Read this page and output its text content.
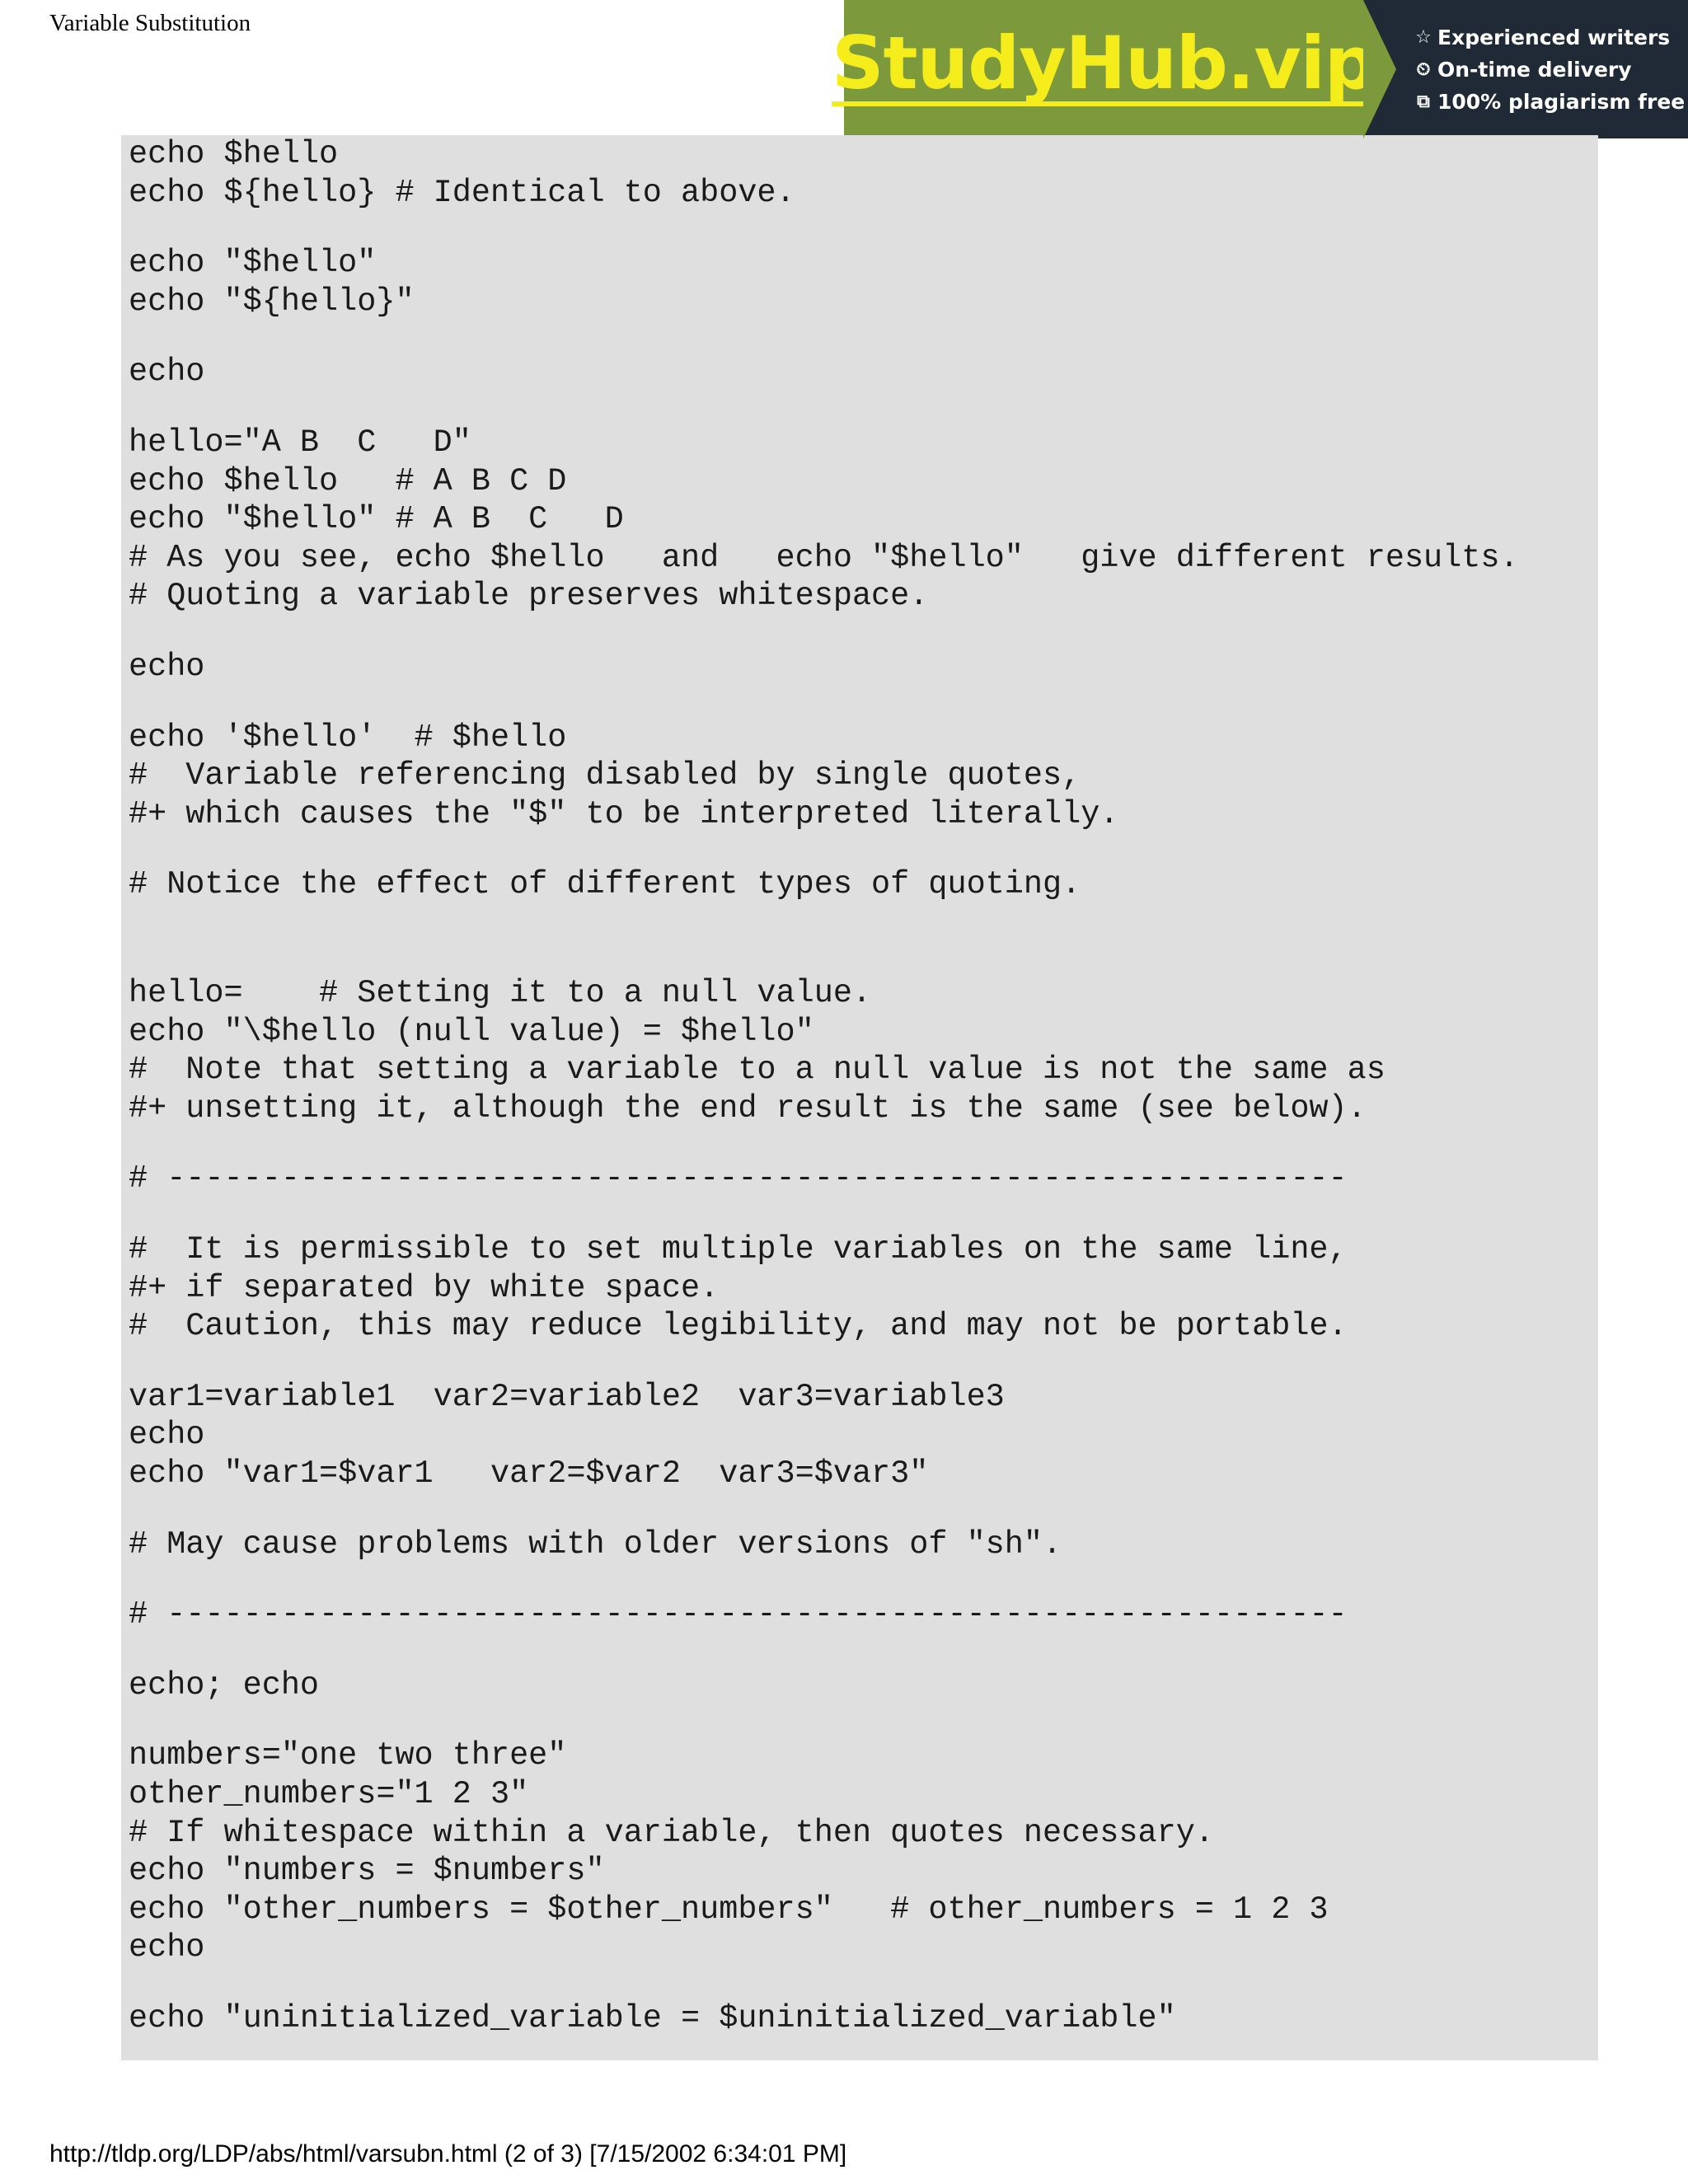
Variable Substitution	StudyHub.vip ☆ Experienced writers
⏲ On-time delivery
⧉ 100% plagiarism free
echo $hello
echo ${hello} # Identical to above.
echo "$hello"
echo "${hello}"
echo
hello="A B  C   D"
echo $hello   # A B C D
echo "$hello" # A B  C   D
# As you see, echo $hello   and   echo "$hello"   give different results.
# Quoting a variable preserves whitespace.
echo
echo '$hello'  # $hello
#  Variable referencing disabled by single quotes,
#+ which causes the "$" to be interpreted literally.
# Notice the effect of different types of quoting.
hello=    # Setting it to a null value.
echo "\$hello (null value) = $hello"
#  Note that setting a variable to a null value is not the same as
#+ unsetting it, although the end result is the same (see below).
# --------------------------------------------------------------
#  It is permissible to set multiple variables on the same line,
#+ if separated by white space.
#  Caution, this may reduce legibility, and may not be portable.
var1=variable1  var2=variable2  var3=variable3
echo
echo "var1=$var1   var2=$var2  var3=$var3"
# May cause problems with older versions of "sh".
# --------------------------------------------------------------
echo; echo
numbers="one two three"
other_numbers="1 2 3"
# If whitespace within a variable, then quotes necessary.
echo "numbers = $numbers"
echo "other_numbers = $other_numbers"   # other_numbers = 1 2 3
echo
echo "uninitialized_variable = $uninitialized_variable"
http://tldp.org/LDP/abs/html/varsubn.html (2 of 3) [7/15/2002 6:34:01 PM]
